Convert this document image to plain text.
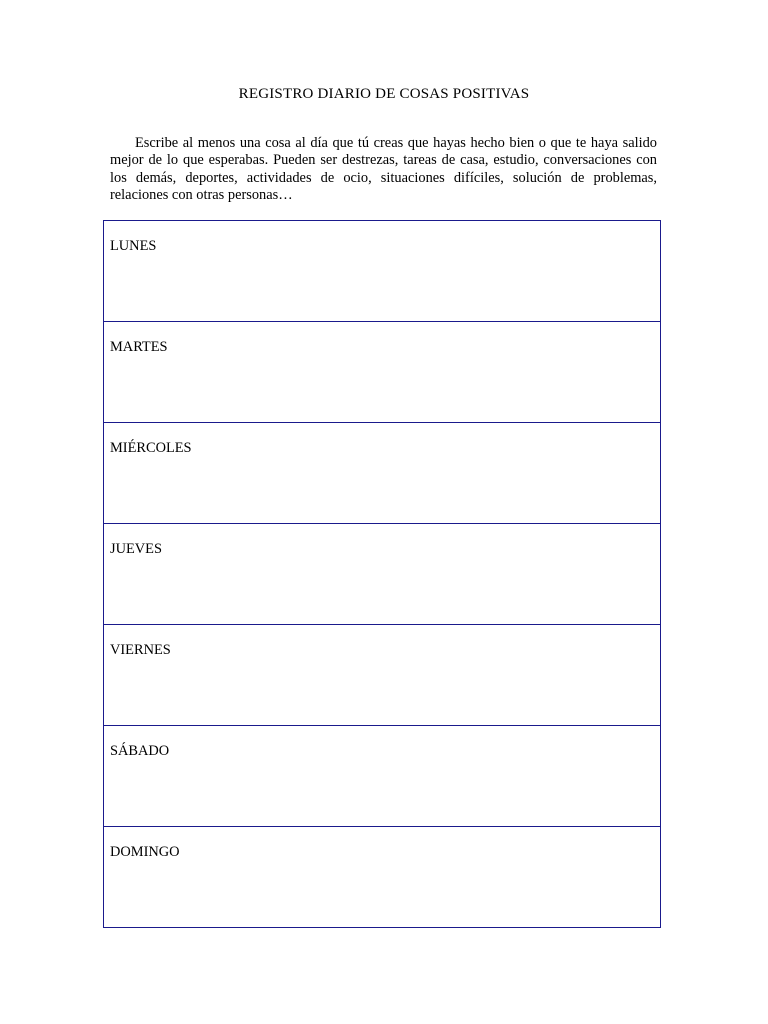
REGISTRO DIARIO DE COSAS POSITIVAS

Escribe al menos una cosa al día que tú creas que hayas hecho bien o que te haya salido mejor de lo que esperabas. Pueden ser destrezas, tareas de casa, estudio, conversaciones con los demás, deportes, actividades de ocio, situaciones difíciles, solución de problemas, relaciones con otras personas…

LUNES
MARTES
MIÉRCOLES
JUEVES
VIERNES
SÁBADO
DOMINGO
